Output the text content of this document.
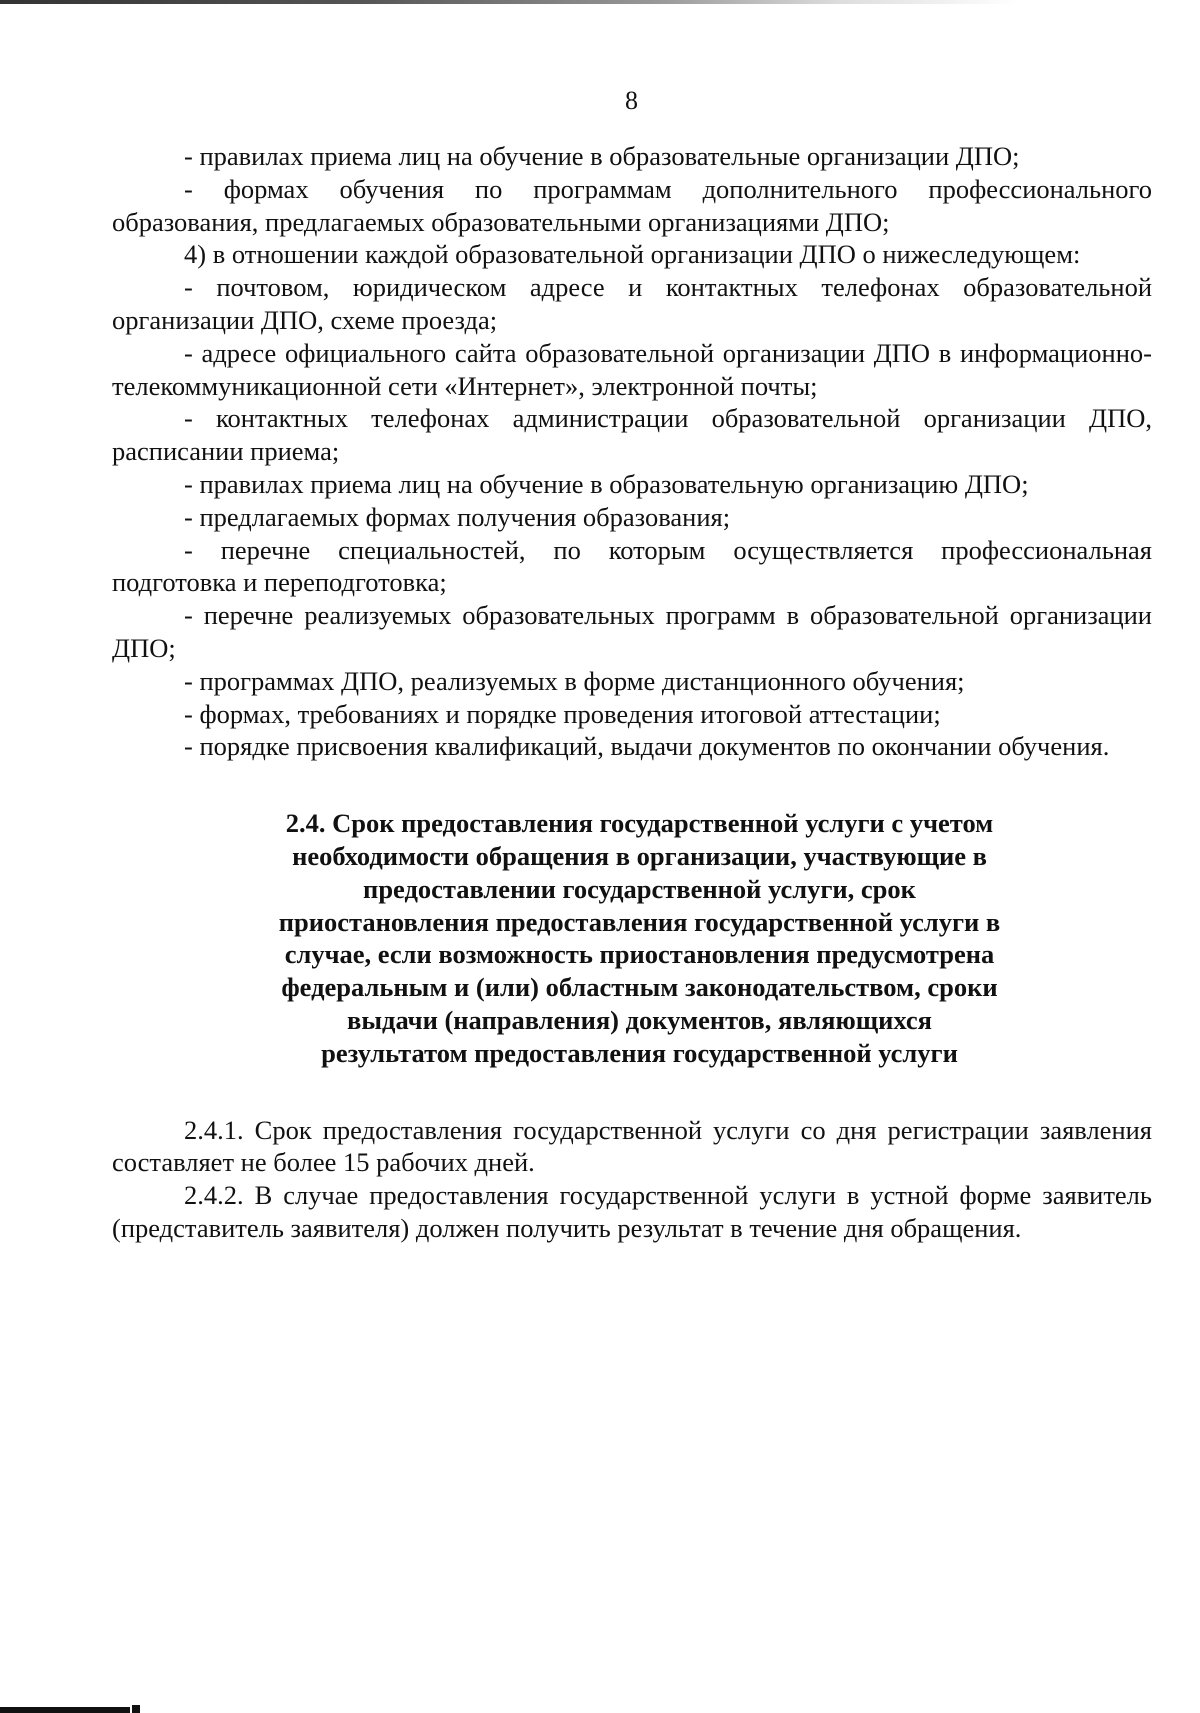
8

- правилах приема лиц на обучение в образовательные организации ДПО;

- формах обучения по программам дополнительного профессионального образования, предлагаемых образовательными организациями ДПО;

4) в отношении каждой образовательной организации ДПО о нижеследующем:

- почтовом, юридическом адресе и контактных телефонах образовательной организации ДПО, схеме проезда;

- адресе официального сайта образовательной организации ДПО в информационно-телекоммуникационной сети «Интернет», электронной почты;

- контактных телефонах администрации образовательной организации ДПО, расписании приема;

- правилах приема лиц на обучение в образовательную организацию ДПО;

- предлагаемых формах получения образования;

- перечне специальностей, по которым осуществляется профессиональная подготовка и переподготовка;

- перечне реализуемых образовательных программ в образовательной организации ДПО;

- программах ДПО, реализуемых в форме дистанционного обучения;

- формах, требованиях и порядке проведения итоговой аттестации;

- порядке присвоения квалификаций, выдачи документов по окончании обучения.

2.4. Срок предоставления государственной услуги с учетом необходимости обращения в организации, участвующие в предоставлении государственной услуги, срок приостановления предоставления государственной услуги в случае, если возможность приостановления предусмотрена федеральным и (или) областным законодательством, сроки выдачи (направления) документов, являющихся результатом предоставления государственной услуги

2.4.1. Срок предоставления государственной услуги со дня регистрации заявления составляет не более 15 рабочих дней.

2.4.2. В случае предоставления государственной услуги в устной форме заявитель (представитель заявителя) должен получить результат в течение дня обращения.
